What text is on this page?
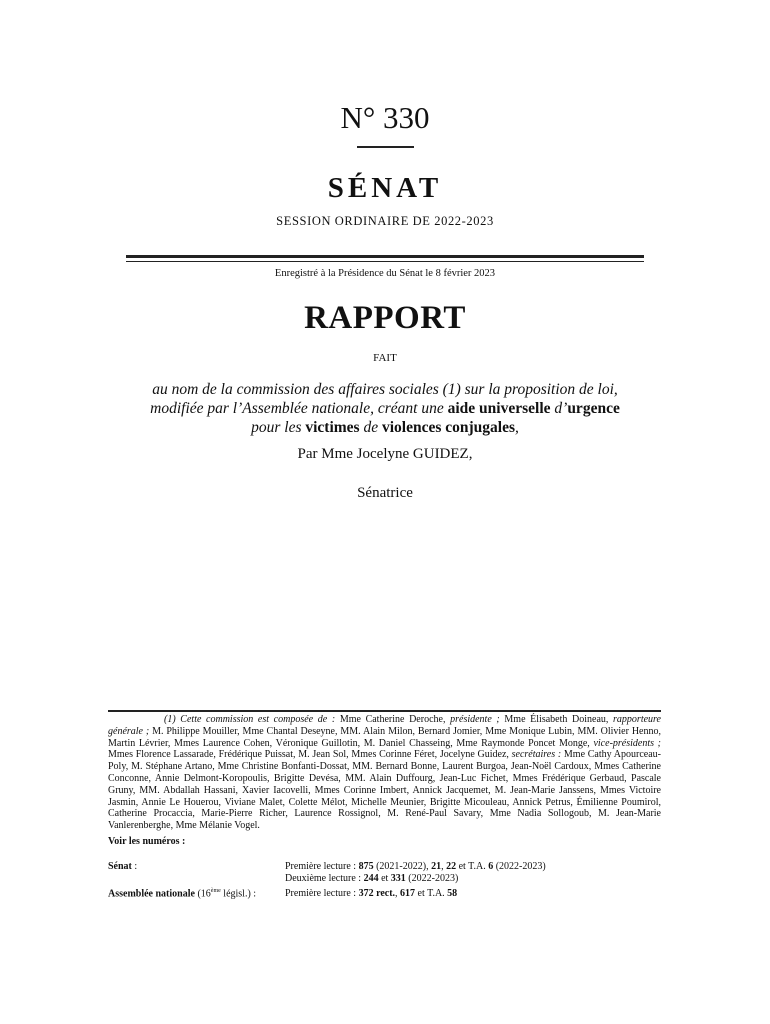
N° 330
SÉNAT
SESSION ORDINAIRE DE 2022-2023
Enregistré à la Présidence du Sénat le 8 février 2023
RAPPORT
FAIT
au nom de la commission des affaires sociales (1) sur la proposition de loi,
modifiée par l’Assemblée nationale, créant une aide universelle d’urgence
pour les victimes de violences conjugales,
Par Mme Jocelyne GUIDEZ,
Sénatrice
(1) Cette commission est composée de : Mme Catherine Deroche, présidente ; Mme Élisabeth Doineau, rapporteure générale ; M. Philippe Mouiller, Mme Chantal Deseyne, MM. Alain Milon, Bernard Jomier, Mme Monique Lubin, MM. Olivier Henno, Martin Lévrier, Mmes Laurence Cohen, Véronique Guillotin, M. Daniel Chasseing, Mme Raymonde Poncet Monge, vice-présidents ; Mmes Florence Lassarade, Frédérique Puissat, M. Jean Sol, Mmes Corinne Féret, Jocelyne Guidez, secrétaires : Mme Cathy Apourceau-Poly, M. Stéphane Artano, Mme Christine Bonfanti-Dossat, MM. Bernard Bonne, Laurent Burgoa, Jean-Noël Cardoux, Mmes Catherine Conconne, Annie Delmont-Koropoulis, Brigitte Devésa, MM. Alain Duffourg, Jean-Luc Fichet, Mmes Frédérique Gerbaud, Pascale Gruny, MM. Abdallah Hassani, Xavier Iacovelli, Mmes Corinne Imbert, Annick Jacquemet, M. Jean-Marie Janssens, Mmes Victoire Jasmin, Annie Le Houerou, Viviane Malet, Colette Mélot, Michelle Meunier, Brigitte Micouleau, Annick Petrus, Émilienne Poumirol, Catherine Procaccia, Marie-Pierre Richer, Laurence Rossignol, M. René-Paul Savary, Mme Nadia Sollogoub, M. Jean-Marie Vanlerenberghe, Mme Mélanie Vogel.
Voir les numéros :
Sénat :	Première lecture : 875 (2021-2022), 21, 22 et T.A. 6 (2022-2023)
Deuxième lecture : 244 et 331 (2022-2023)
Assemblée nationale (16ème législ.) :	Première lecture : 372 rect., 617 et T.A. 58
